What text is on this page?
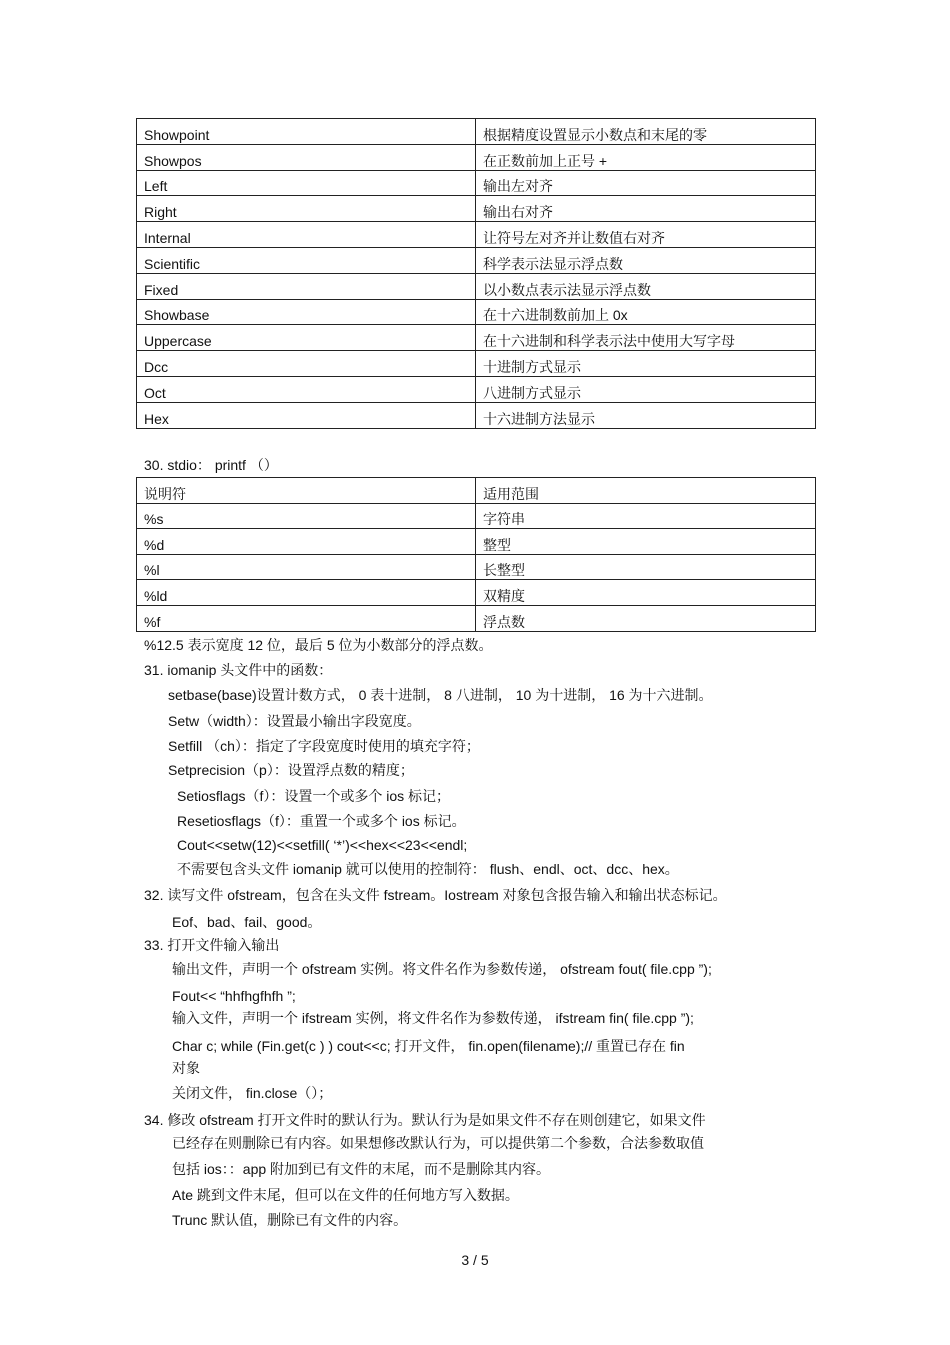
Showpoint	根据精度设置显示小数点和末尾的零
Showpos	在正数前加上正号 +
Left	输出左对齐
Right	输出右对齐
Internal	让符号左对齐并让数值右对齐
Scientific	科学表示法显示浮点数
Fixed	以小数点表示法显示浮点数
Showbase	在十六进制数前加上 0x
Uppercase	在十六进制和科学表示法中使用大写字母
Dcc	十进制方式显示
Oct	八进制方式显示
Hex	十六进制方法显示
30. stdio： printf （）
说明符	适用范围
%s	字符串
%d	整型
%l	长整型
%ld	双精度
%f	浮点数
%12.5 表示宽度 12 位，最后 5 位为小数部分的浮点数。
31. iomanip 头文件中的函数：
setbase(base)设置计数方式， 0 表十进制， 8 八进制， 10 为十进制， 16 为十六进制。
Setw（width）：设置最小输出字段宽度。
Setfill （ch）：指定了字段宽度时使用的填充字符；
Setprecision（p）：设置浮点数的精度；
Setiosflags（f）：设置一个或多个 ios 标记；
Resetiosflags（f）：重置一个或多个 ios 标记。
Cout<<setw(12)<<setfill( ‘*’)<<hex<<23<<endl;
不需要包含头文件 iomanip 就可以使用的控制符： flush、endl、oct、dcc、hex。
32. 读写文件 ofstream，包含在头文件 fstream。Iostream 对象包含报告输入和输出状态标记。
Eof、bad、fail、good。
33. 打开文件输入输出
输出文件，声明一个 ofstream 实例。将文件名作为参数传递， ofstream fout( file.cpp ”);
Fout<< “hhfhgfhfh ”;
输入文件，声明一个 ifstream 实例，将文件名作为参数传递， ifstream fin( file.cpp ”);
Char c; while (Fin.get(c ) ) cout<<c; 打开文件， fin.open(filename);// 重置已存在 fin
对象
关闭文件， fin.close（）；
34. 修改 ofstream 打开文件时的默认行为。默认行为是如果文件不存在则创建它，如果文件
已经存在则删除已有内容。如果想修改默认行为，可以提供第二个参数，合法参数取值
包括 ios：：app 附加到已有文件的末尾，而不是删除其内容。
Ate 跳到文件末尾，但可以在文件的任何地方写入数据。
Trunc 默认值，删除已有文件的内容。
3 / 5
